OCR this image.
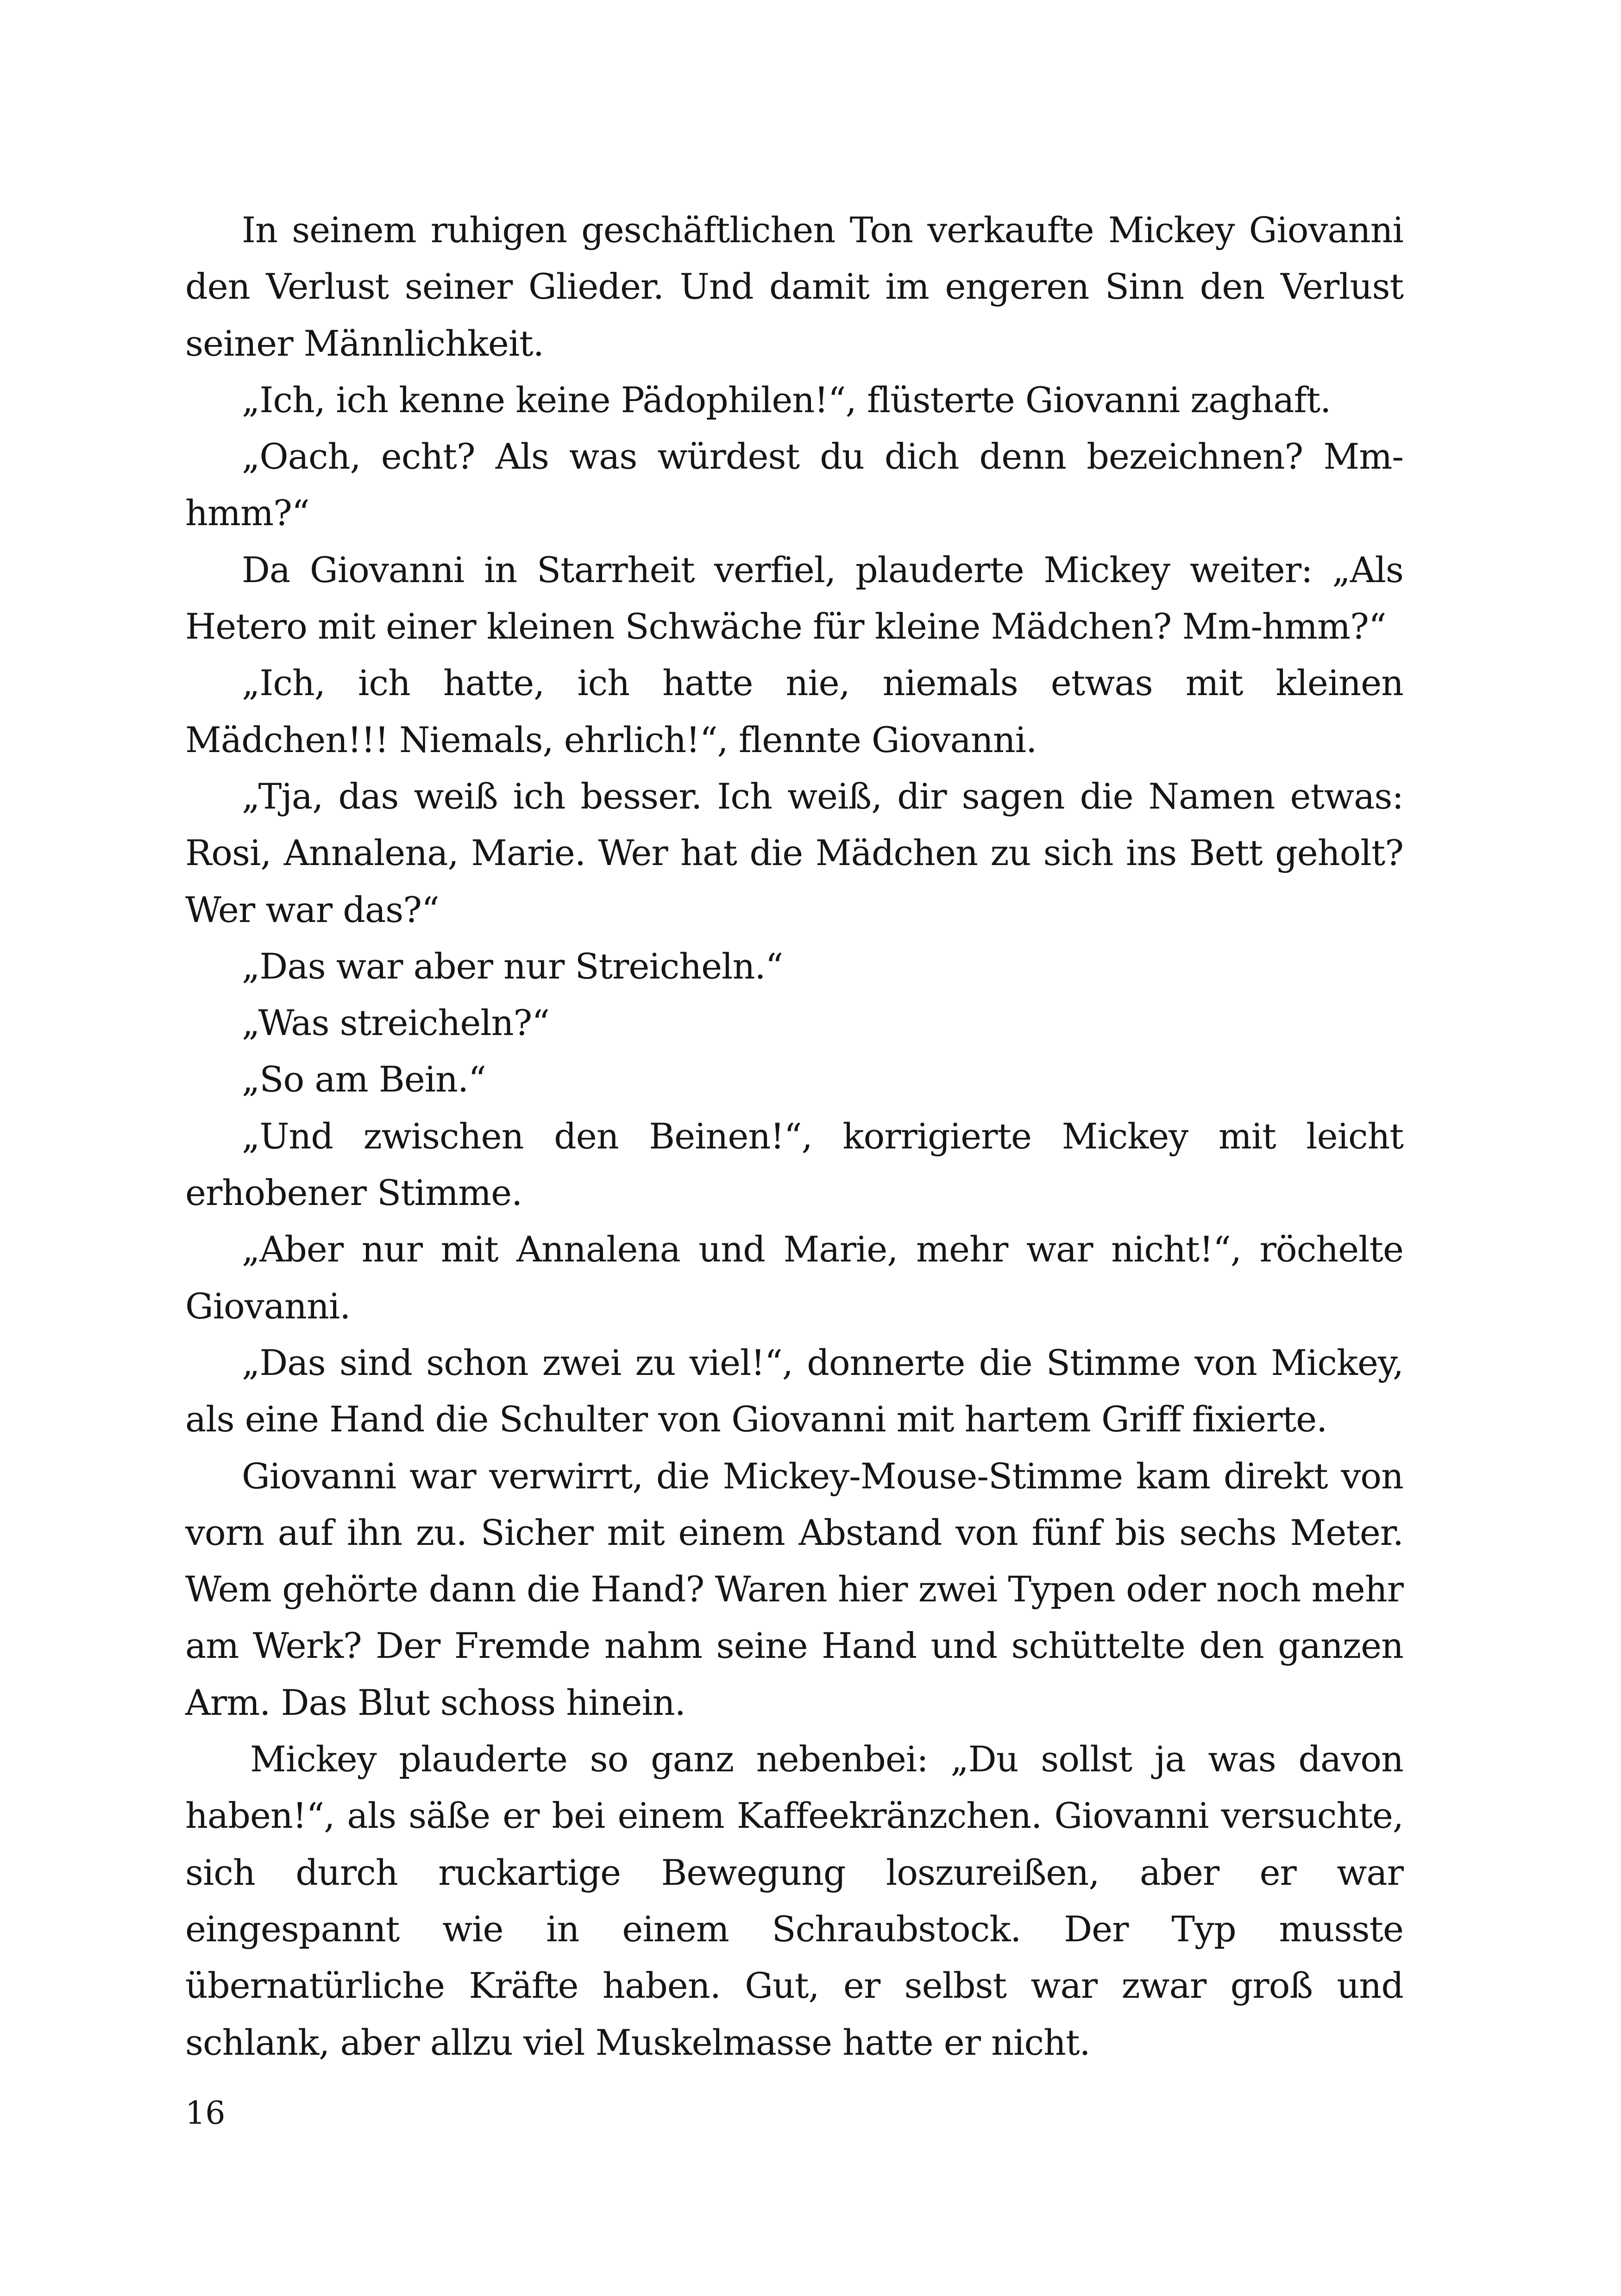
In seinem ruhigen geschäftlichen Ton verkaufte Mickey Giovanni den Verlust seiner Glieder. Und damit im engeren Sinn den Verlust seiner Männlichkeit.

„Ich, ich kenne keine Pädophilen!“, flüsterte Giovanni zaghaft.

„Oach, echt? Als was würdest du dich denn bezeichnen? Mm-hmm?“

Da Giovanni in Starrheit verfiel, plauderte Mickey weiter: „Als Hetero mit einer kleinen Schwäche für kleine Mädchen? Mm-hmm?“

„Ich, ich hatte, ich hatte nie, niemals etwas mit kleinen Mädchen!!! Niemals, ehrlich!“, flennte Giovanni.

„Tja, das weiß ich besser. Ich weiß, dir sagen die Namen etwas: Rosi, Annalena, Marie. Wer hat die Mädchen zu sich ins Bett geholt? Wer war das?“

„Das war aber nur Streicheln.“

„Was streicheln?“

„So am Bein.“

„Und zwischen den Beinen!“, korrigierte Mickey mit leicht erhobener Stimme.

„Aber nur mit Annalena und Marie, mehr war nicht!“, röchelte Giovanni.

„Das sind schon zwei zu viel!“, donnerte die Stimme von Mickey, als eine Hand die Schulter von Giovanni mit hartem Griff fixierte.

Giovanni war verwirrt, die Mickey-Mouse-Stimme kam direkt von vorn auf ihn zu. Sicher mit einem Abstand von fünf bis sechs Meter. Wem gehörte dann die Hand? Waren hier zwei Typen oder noch mehr am Werk? Der Fremde nahm seine Hand und schüttelte den ganzen Arm. Das Blut schoss hinein.

Mickey plauderte so ganz nebenbei: „Du sollst ja was davon haben!“, als säße er bei einem Kaffeekränzchen. Giovanni versuchte, sich durch ruckartige Bewegung loszureißen, aber er war eingespannt wie in einem Schraubstock. Der Typ musste übernatürliche Kräfte haben. Gut, er selbst war zwar groß und schlank, aber allzu viel Muskelmasse hatte er nicht.

16
